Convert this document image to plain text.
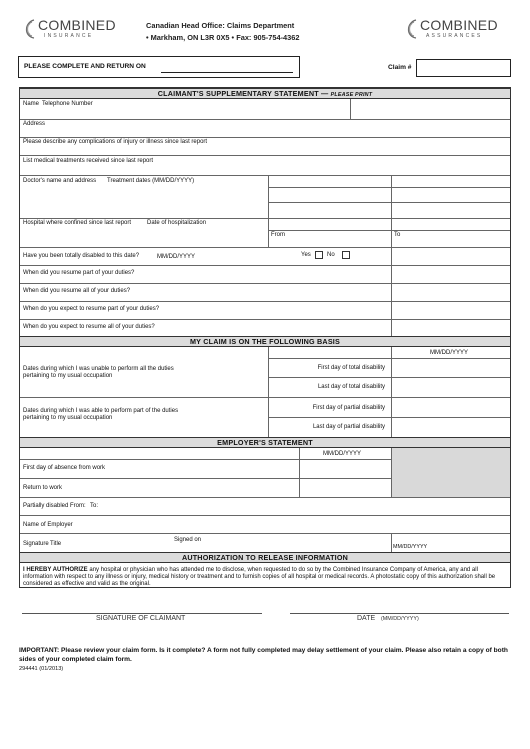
COMBINED
INSURANCE
Canadian Head Office: Claims Department
• Markham, ON L3R 0X5 • Fax: 905-754-4362
COMBINED
ASSURANCES
PLEASE COMPLETE AND RETURN ON	Claim #
CLAIMANT'S SUPPLEMENTARY STATEMENT — PLEASE PRINT
Name Telephone Number
Address
Please describe any complications of injury or illness since last report
List medical treatments received since last report
Doctor's name and address Treatment dates (MM/DD/YYYY)
Hospital where confined since last report	Date of hospitalization
From	To
Have you been totally disabled to this date?	MM/DD/YYYY	Yes	No
When did you resume part of your duties?
When did you resume all of your duties?
When do you expect to resume part of your duties?
When do you expect to resume all of your duties?
MY CLAIM IS ON THE FOLLOWING BASIS
MM/DD/YYYY
Dates during which I was unable to perform all the duties
pertaining to my usual occupation
First day of total disability
Last day of total disability
Dates during which I was able to perform part of the duties
pertaining to my usual occupation
First day of partial disability
Last day of partial disability
EMPLOYER'S STATEMENT
MM/DD/YYYY
First day of absence from work
Return to work
Partially disabled From: To:
Name of Employer
Signature Title
Signed on
MM/DD/YYYY
AUTHORIZATION TO RELEASE INFORMATION
I HEREBY AUTHORIZE any hospital or physician who has attended me to disclose, when requested to do so by the Combined Insurance Company of America, any and all information with respect to any illness or injury, medical history or treatment and to furnish copies of all hospital or medical records. A photostatic copy of this authorization shall be considered as effective and valid as the original.
SIGNATURE OF CLAIMANT	DATE (MM/DD/YYYY)
IMPORTANT: Please review your claim form. Is it complete? A form not fully completed may delay settlement of your claim. Please also retain a copy of both sides of your completed claim form.
294441 (01/2013)
